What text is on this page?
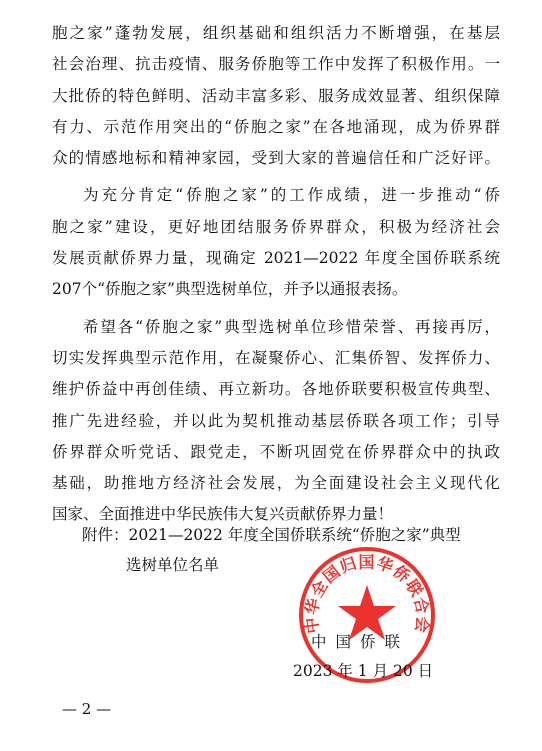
胞之家”蓬勃发展，组织基础和组织活力不断增强，在基层
社会治理、抗击疫情、服务侨胞等工作中发挥了积极作用。一
大批侨的特色鲜明、活动丰富多彩、服务成效显著、组织保障
有力、示范作用突出的“侨胞之家”在各地涌现，成为侨界群
众的情感地标和精神家园，受到大家的普遍信任和广泛好评。
为充分肯定“侨胞之家”的工作成绩，进一步推动“侨
胞之家”建设，更好地团结服务侨界群众，积极为经济社会
发展贡献侨界力量，现确定 2021—2022 年度全国侨联系统
207个“侨胞之家”典型选树单位，并予以通报表扬。
希望各“侨胞之家”典型选树单位珍惜荣誉、再接再厉，
切实发挥典型示范作用，在凝聚侨心、汇集侨智、发挥侨力、
维护侨益中再创佳绩、再立新功。各地侨联要积极宣传典型、
推广先进经验，并以此为契机推动基层侨联各项工作；引导
侨界群众听党话、跟党走，不断巩固党在侨界群众中的执政
基础，助推地方经济社会发展，为全面建设社会主义现代化
国家、全面推进中华民族伟大复兴贡献侨界力量！
附件：2021—2022 年度全国侨联系统“侨胞之家”典型
选树单位名单
中华全国归国华侨联合会
中国侨联
2023 年 1 月 20 日
— 2 —
